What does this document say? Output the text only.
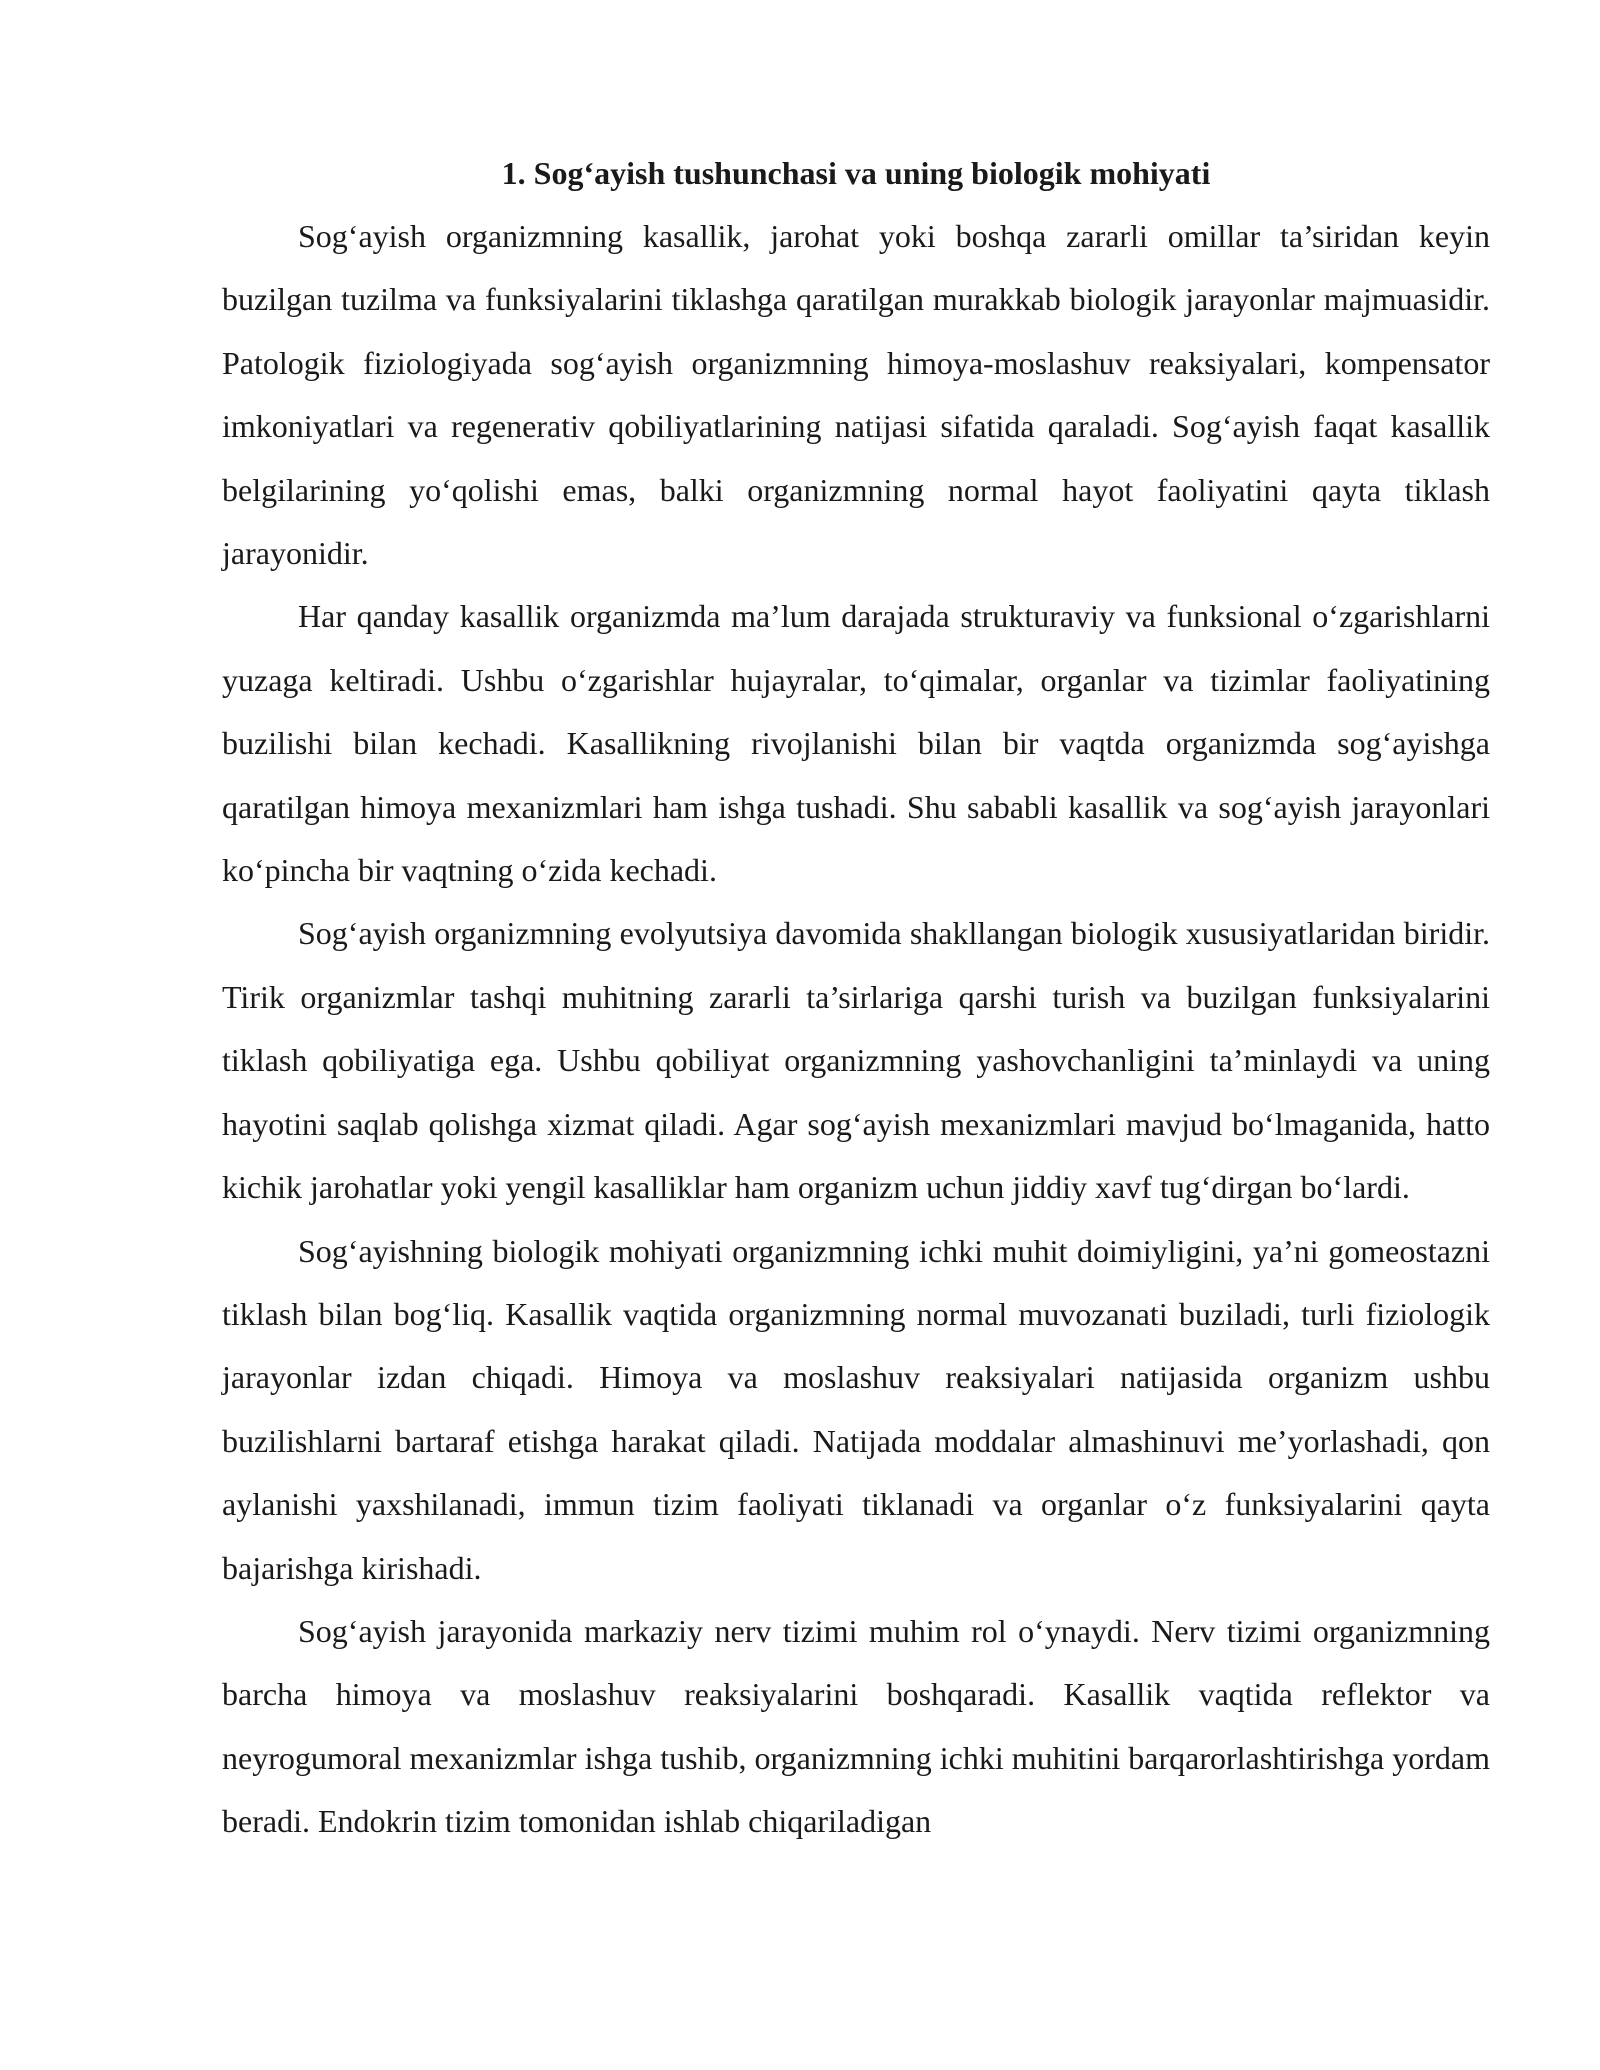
1. Sog‘ayish tushunchasi va uning biologik mohiyati

Sog‘ayish organizmning kasallik, jarohat yoki boshqa zararli omillar ta’siridan keyin buzilgan tuzilma va funksiyalarini tiklashga qaratilgan murakkab biologik jarayonlar majmuasidir. Patologik fiziologiyada sog‘ayish organizmning himoya-moslashuv reaksiyalari, kompensator imkoniyatlari va regenerativ qobiliyatlarining natijasi sifatida qaraladi. Sog‘ayish faqat kasallik belgilarining yo‘qolishi emas, balki organizmning normal hayot faoliyatini qayta tiklash jarayonidir.

Har qanday kasallik organizmda ma’lum darajada strukturaviy va funksional o‘zgarishlarni yuzaga keltiradi. Ushbu o‘zgarishlar hujayralar, to‘qimalar, organlar va tizimlar faoliyatining buzilishi bilan kechadi. Kasallikning rivojlanishi bilan bir vaqtda organizmda sog‘ayishga qaratilgan himoya mexanizmlari ham ishga tushadi. Shu sababli kasallik va sog‘ayish jarayonlari ko‘pincha bir vaqtning o‘zida kechadi.

Sog‘ayish organizmning evolyutsiya davomida shakllangan biologik xususiyatlaridan biridir. Tirik organizmlar tashqi muhitning zararli ta’sirlariga qarshi turish va buzilgan funksiyalarini tiklash qobiliyatiga ega. Ushbu qobiliyat organizmning yashovchanligini ta’minlaydi va uning hayotini saqlab qolishga xizmat qiladi. Agar sog‘ayish mexanizmlari mavjud bo‘lmaganida, hatto kichik jarohatlar yoki yengil kasalliklar ham organizm uchun jiddiy xavf tug‘dirgan bo‘lardi.

Sog‘ayishning biologik mohiyati organizmning ichki muhit doimiyligini, ya’ni gomeostazni tiklash bilan bog‘liq. Kasallik vaqtida organizmning normal muvozanati buziladi, turli fiziologik jarayonlar izdan chiqadi. Himoya va moslashuv reaksiyalari natijasida organizm ushbu buzilishlarni bartaraf etishga harakat qiladi. Natijada moddalar almashinuvi me’yorlashadi, qon aylanishi yaxshilanadi, immun tizim faoliyati tiklanadi va organlar o‘z funksiyalarini qayta bajarishga kirishadi.

Sog‘ayish jarayonida markaziy nerv tizimi muhim rol o‘ynaydi. Nerv tizimi organizmning barcha himoya va moslashuv reaksiyalarini boshqaradi. Kasallik vaqtida reflektor va neyrogumoral mexanizmlar ishga tushib, organizmning ichki muhitini barqarorlashtirishga yordam beradi. Endokrin tizim tomonidan ishlab chiqariladigan
